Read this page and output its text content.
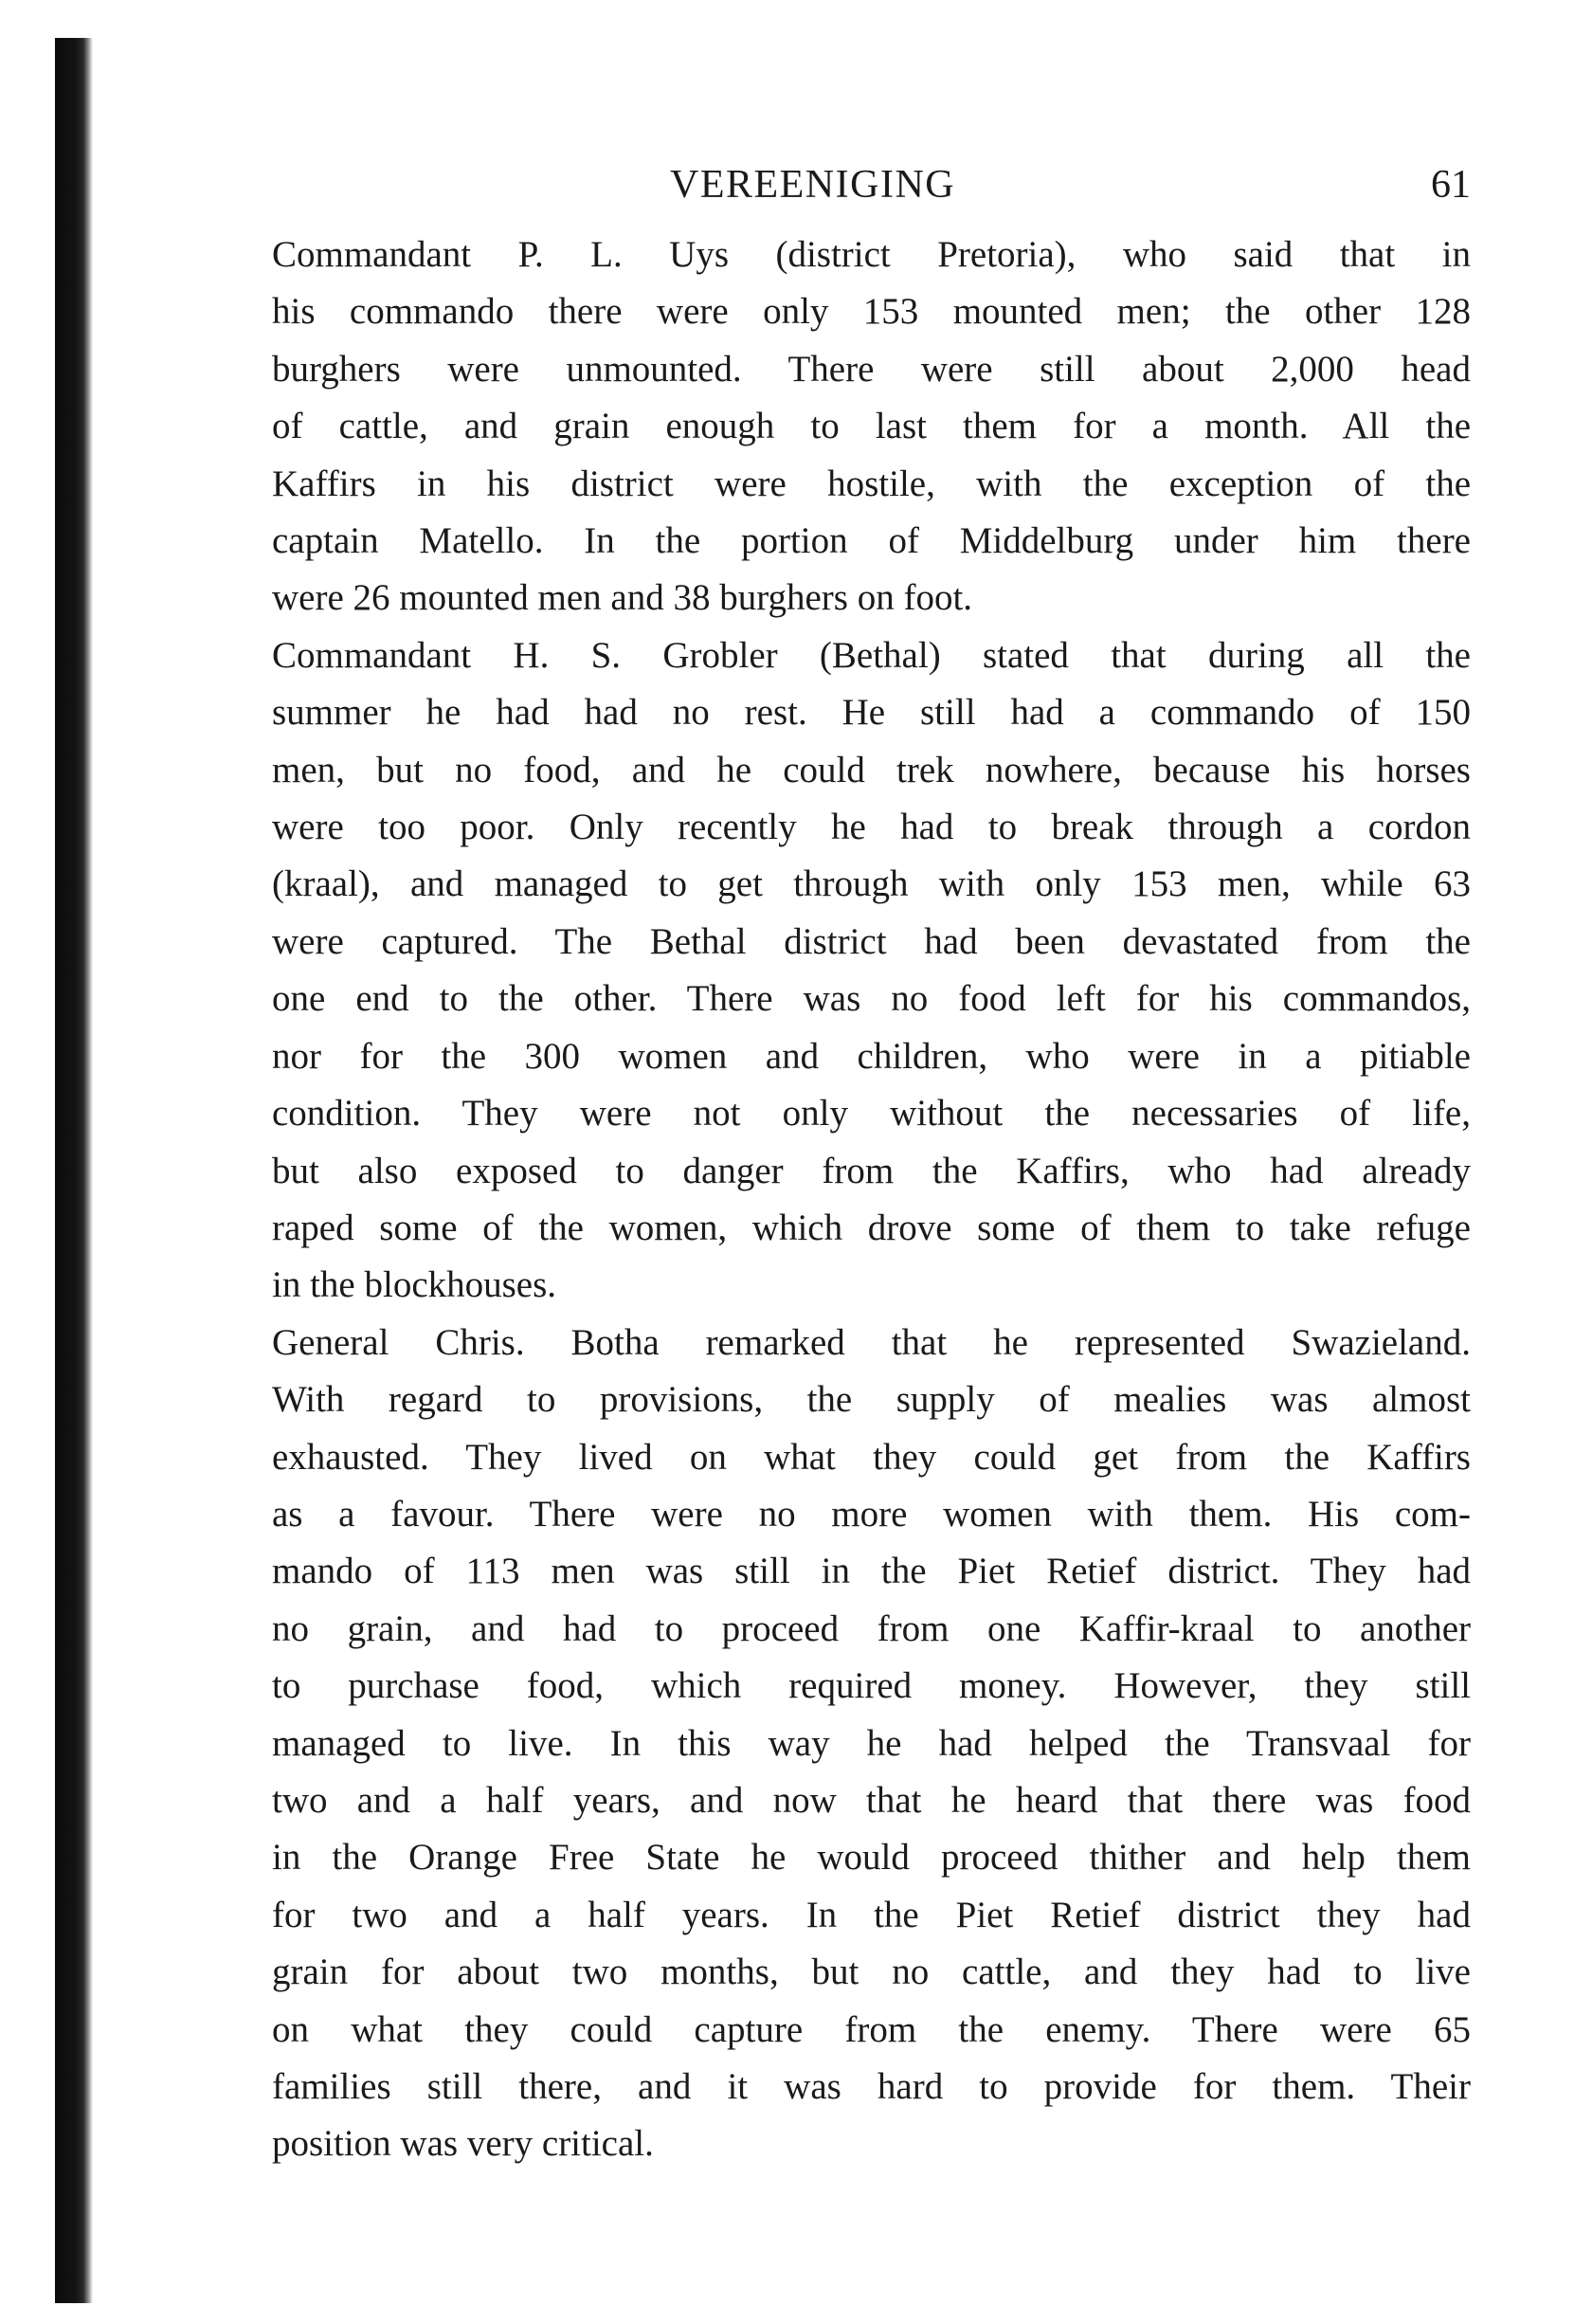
VEREENIGING	61
Commandant P. L. Uys (district Pretoria), who said that in
his commando there were only 153 mounted men; the other 128
burghers were unmounted. There were still about 2,000 head
of cattle, and grain enough to last them for a month. All the
Kaffirs in his district were hostile, with the exception of the
captain Matello. In the portion of Middelburg under him there
were 26 mounted men and 38 burghers on foot.
Commandant H. S. Grobler (Bethal) stated that during all the
summer he had had no rest. He still had a commando of 150
men, but no food, and he could trek nowhere, because his horses
were too poor. Only recently he had to break through a cordon
(kraal), and managed to get through with only 153 men, while 63
were captured. The Bethal district had been devastated from the
one end to the other. There was no food left for his commandos,
nor for the 300 women and children, who were in a pitiable
condition. They were not only without the necessaries of life,
but also exposed to danger from the Kaffirs, who had already
raped some of the women, which drove some of them to take refuge
in the blockhouses.
General Chris. Botha remarked that he represented Swazieland.
With regard to provisions, the supply of mealies was almost
exhausted. They lived on what they could get from the Kaffirs
as a favour. There were no more women with them. His com-
mando of 113 men was still in the Piet Retief district. They had
no grain, and had to proceed from one Kaffir-kraal to another
to purchase food, which required money. However, they still
managed to live. In this way he had helped the Transvaal for
two and a half years, and now that he heard that there was food
in the Orange Free State he would proceed thither and help them
for two and a half years. In the Piet Retief district they had
grain for about two months, but no cattle, and they had to live
on what they could capture from the enemy. There were 65
families still there, and it was hard to provide for them. Their
position was very critical.
